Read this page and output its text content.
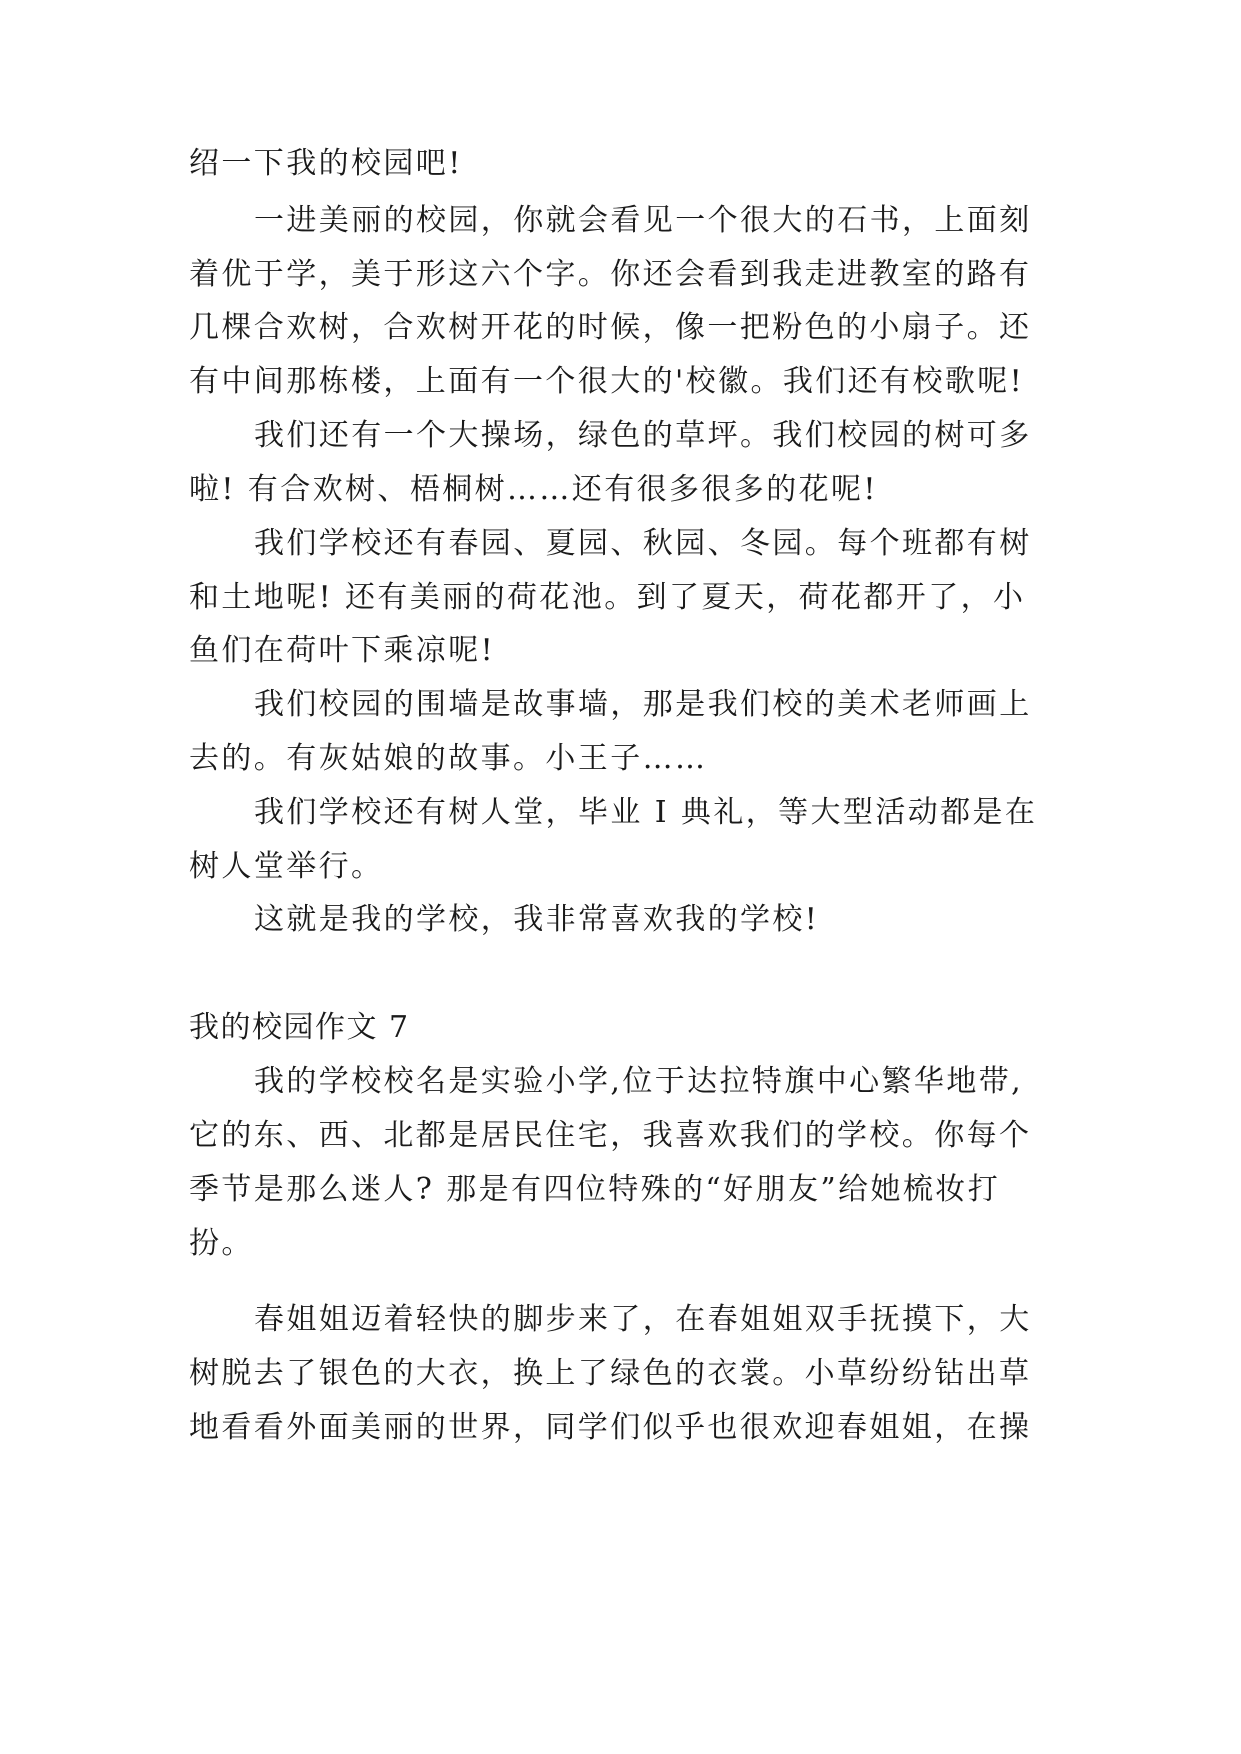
绍一下我的校园吧!
一进美丽的校园，你就会看见一个很大的石书，上面刻
着优于学，美于形这六个字。你还会看到我走进教室的路有
几棵合欢树，合欢树开花的时候，像一把粉色的小扇子。还
有中间那栋楼，上面有一个很大的'校徽。我们还有校歌呢!
我们还有一个大操场，绿色的草坪。我们校园的树可多
啦! 有合欢树、梧桐树……还有很多很多的花呢!
我们学校还有春园、夏园、秋园、冬园。每个班都有树
和土地呢! 还有美丽的荷花池。到了夏天，荷花都开了，小
鱼们在荷叶下乘凉呢!
我们校园的围墙是故事墙，那是我们校的美术老师画上
去的。有灰姑娘的故事。小王子……
我们学校还有树人堂，毕业 I 典礼，等大型活动都是在
树人堂举行。
这就是我的学校，我非常喜欢我的学校!
我的校园作文 7
我的学校校名是实验小学,位于达拉特旗中心繁华地带,
它的东、西、北都是居民住宅，我喜欢我们的学校。你每个
季节是那么迷人? 那是有四位特殊的“好朋友”给她梳妆打
扮。
春姐姐迈着轻快的脚步来了，在春姐姐双手抚摸下，大
树脱去了银色的大衣，换上了绿色的衣裳。小草纷纷钻出草
地看看外面美丽的世界，同学们似乎也很欢迎春姐姐，在操
